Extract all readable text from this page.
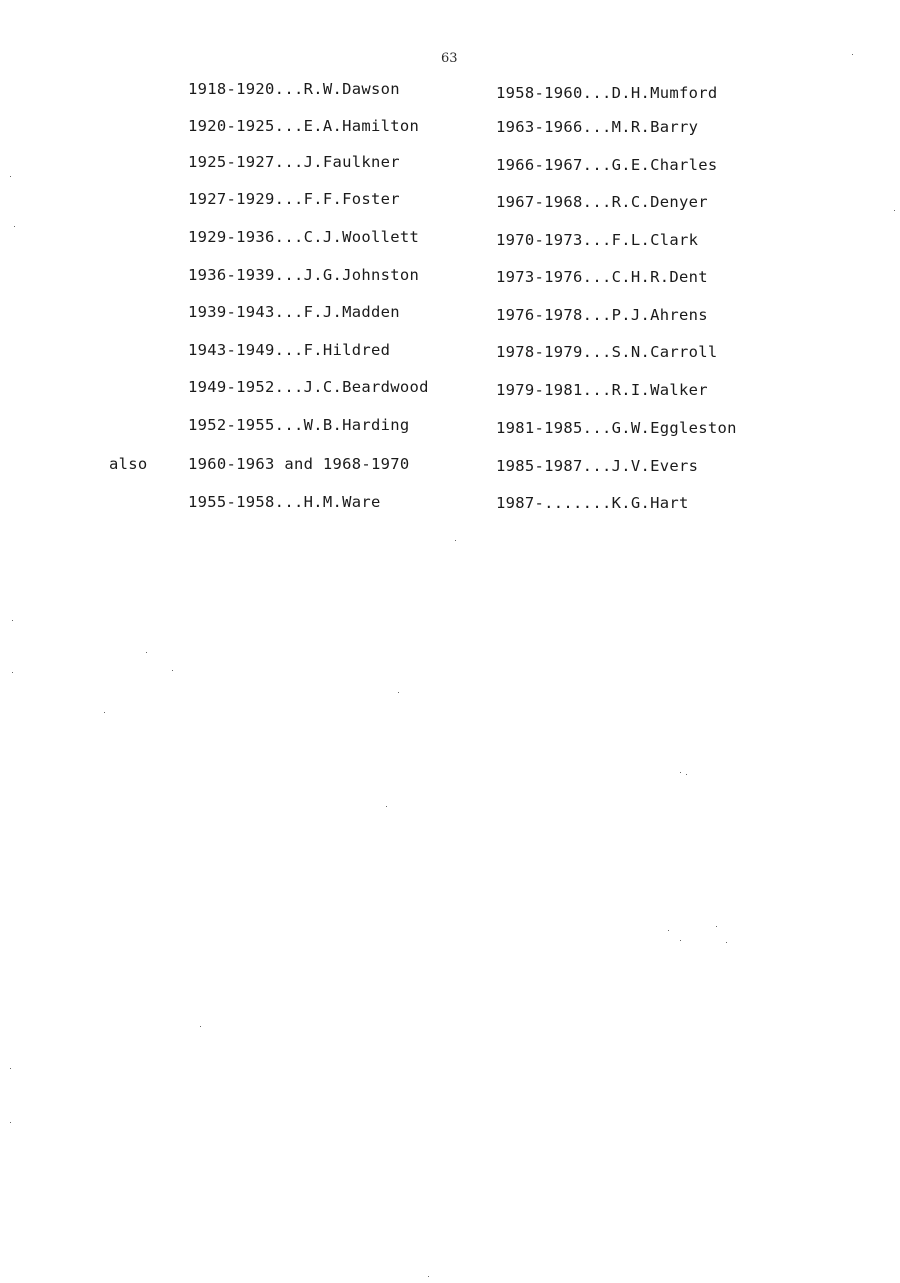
63
1918-1920...R.W.Dawson
1920-1925...E.A.Hamilton
1925-1927...J.Faulkner
1927-1929...F.F.Foster
1929-1936...C.J.Woollett
1936-1939...J.G.Johnston
1939-1943...F.J.Madden
1943-1949...F.Hildred
1949-1952...J.C.Beardwood
1952-1955...W.B.Harding
also	1960-1963 and 1968-1970
1955-1958...H.M.Ware
1958-1960...D.H.Mumford
1963-1966...M.R.Barry
1966-1967...G.E.Charles
1967-1968...R.C.Denyer
1970-1973...F.L.Clark
1973-1976...C.H.R.Dent
1976-1978...P.J.Ahrens
1978-1979...S.N.Carroll
1979-1981...R.I.Walker
1981-1985...G.W.Eggleston
1985-1987...J.V.Evers
1987-.......K.G.Hart
